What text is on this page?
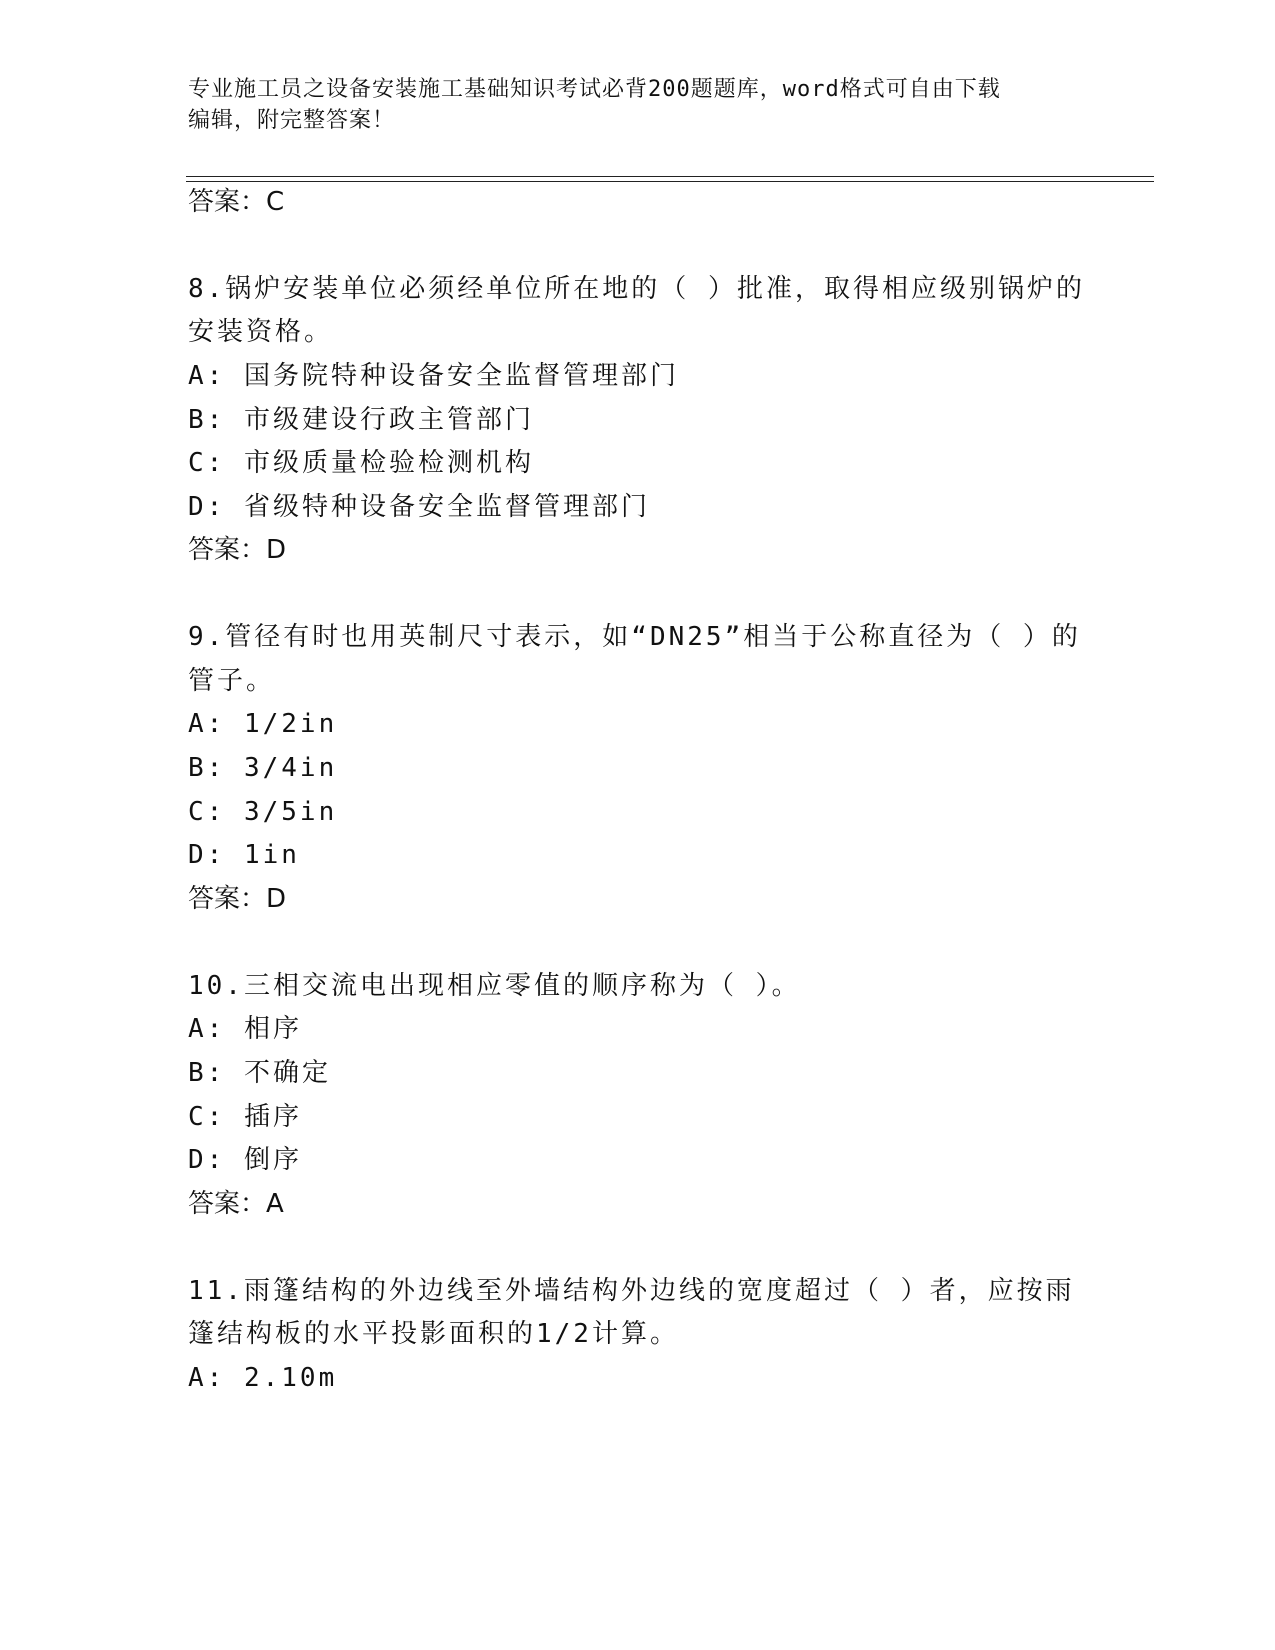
专业施工员之设备安装施工基础知识考试必背200题题库，word格式可自由下载
编辑，附完整答案！
答案：C
8.锅炉安装单位必须经单位所在地的（ ）批准，取得相应级别锅炉的
安装资格。
A: 国务院特种设备安全监督管理部门
B: 市级建设行政主管部门
C: 市级质量检验检测机构
D: 省级特种设备安全监督管理部门
答案：D
9.管径有时也用英制尺寸表示，如“DN25”相当于公称直径为（ ）的
管子。
A: 1/2in
B: 3/4in
C: 3/5in
D: 1in
答案：D
10.三相交流电出现相应零值的顺序称为（ ）。
A: 相序
B: 不确定
C: 插序
D: 倒序
答案：A
11.雨篷结构的外边线至外墙结构外边线的宽度超过（ ）者，应按雨
篷结构板的水平投影面积的1/2计算。
A: 2.10m
